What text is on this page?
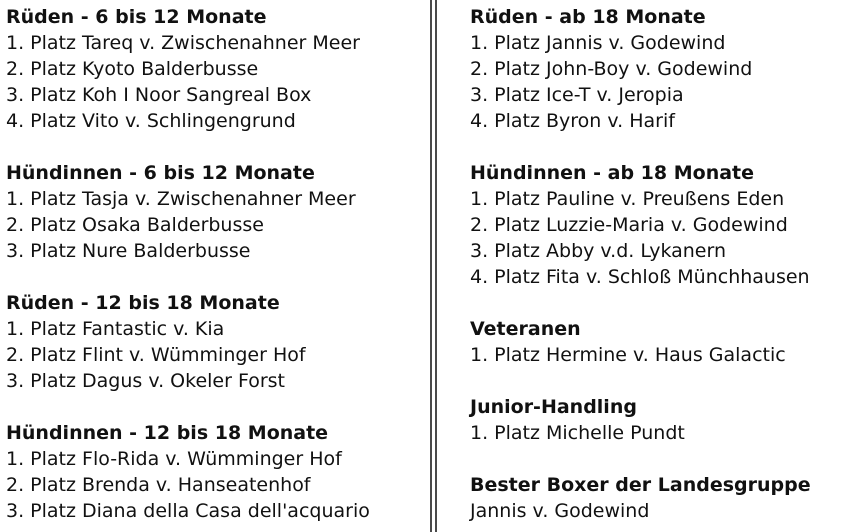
Rüden - 6 bis 12 Monate
1. Platz Tareq v. Zwischenahner Meer
2. Platz Kyoto Balderbusse
3. Platz Koh I Noor Sangreal Box
4. Platz Vito v. Schlingengrund
Hündinnen - 6 bis 12 Monate
1. Platz Tasja v. Zwischenahner Meer
2. Platz Osaka Balderbusse
3. Platz Nure Balderbusse
Rüden - 12 bis 18 Monate
1. Platz Fantastic v. Kia
2. Platz Flint v. Wümminger Hof
3. Platz Dagus v. Okeler Forst
Hündinnen - 12 bis 18 Monate
1. Platz Flo-Rida v. Wümminger Hof
2. Platz Brenda v. Hanseatenhof
3. Platz Diana della Casa dell'acquario
Rüden - ab 18 Monate
1. Platz Jannis v. Godewind
2. Platz John-Boy v. Godewind
3. Platz Ice-T v. Jeropia
4. Platz Byron v. Harif
Hündinnen - ab 18 Monate
1. Platz Pauline v. Preußens Eden
2. Platz Luzzie-Maria v. Godewind
3. Platz Abby v.d. Lykanern
4. Platz Fita v. Schloß Münchhausen
Veteranen
1. Platz Hermine v. Haus Galactic
Junior-Handling
1. Platz Michelle Pundt
Bester Boxer der Landesgruppe
Jannis v. Godewind
